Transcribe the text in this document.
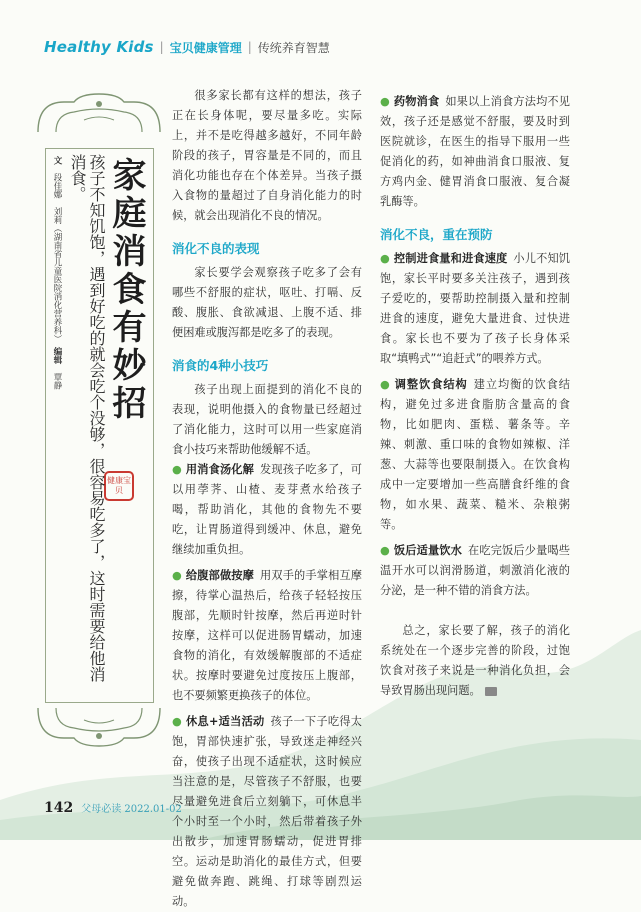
Healthy Kids | 宝贝健康管理 | 传统养育智慧
家庭消食有妙招
健康宝贝
孩子不知饥饱，遇到好吃的就会吃个没够，很容易吃多了，这时需要给他消消食。
文　段佳娜　刘莉（湖南省儿童医院消化营养科）　编辑　覃静

很多家长都有这样的想法，孩子正在长身体呢，要尽量多吃。实际上，并不是吃得越多越好，不同年龄阶段的孩子，胃容量是不同的，而且消化功能也存在个体差异。当孩子摄入食物的量超过了自身消化能力的时候，就会出现消化不良的情况。

消化不良的表现

家长要学会观察孩子吃多了会有哪些不舒服的症状，呕吐、打嗝、反酸、腹胀、食欲减退、上腹不适、排便困难或腹泻都是吃多了的表现。

消食的4种小技巧

孩子出现上面提到的消化不良的表现，说明他摄入的食物量已经超过了消化能力，这时可以用一些家庭消食小技巧来帮助他缓解不适。

● 用消食汤化解 发现孩子吃多了，可以用荸荠、山楂、麦芽煮水给孩子喝，帮助消化，其他的食物先不要吃，让胃肠道得到缓冲、休息，避免继续加重负担。

● 给腹部做按摩 用双手的手掌相互摩擦，待掌心温热后，给孩子轻轻按压腹部，先顺时针按摩，然后再逆时针按摩，这样可以促进肠胃蠕动，加速食物的消化，有效缓解腹部的不适症状。按摩时要避免过度按压上腹部，也不要频繁更换孩子的体位。

● 休息+适当活动 孩子一下子吃得太饱，胃部快速扩张，导致迷走神经兴奋，使孩子出现不适症状，这时候应当注意的是，尽管孩子不舒服，也要尽量避免进食后立刻躺下，可休息半个小时至一个小时，然后带着孩子外出散步，加速胃肠蠕动，促进胃排空。运动是助消化的最佳方式，但要避免做奔跑、跳绳、打球等剧烈运动。

● 药物消食 如果以上消食方法均不见效，孩子还是感觉不舒服，要及时到医院就诊，在医生的指导下服用一些促消化的药，如神曲消食口服液、复方鸡内金、健胃消食口服液、复合凝乳酶等。

消化不良，重在预防

● 控制进食量和进食速度 小儿不知饥饱，家长平时要多关注孩子，遇到孩子爱吃的，要帮助控制摄入量和控制进食的速度，避免大量进食、过快进食。家长也不要为了孩子长身体采取“填鸭式”“追赶式”的喂养方式。

● 调整饮食结构 建立均衡的饮食结构，避免过多进食脂肪含量高的食物，比如肥肉、蛋糕、薯条等。辛辣、刺激、重口味的食物如辣椒、洋葱、大蒜等也要限制摄入。在饮食构成中一定要增加一些高膳食纤维的食物，如水果、蔬菜、糙米、杂粮粥等。

● 饭后适量饮水 在吃完饭后少量喝些温开水可以润滑肠道，刺激消化液的分泌，是一种不错的消食方法。

总之，家长要了解，孩子的消化系统处在一个逐步完善的阶段，过饱饮食对孩子来说是一种消化负担，会导致胃肠出现问题。

142 父母必读 2022.01-02
